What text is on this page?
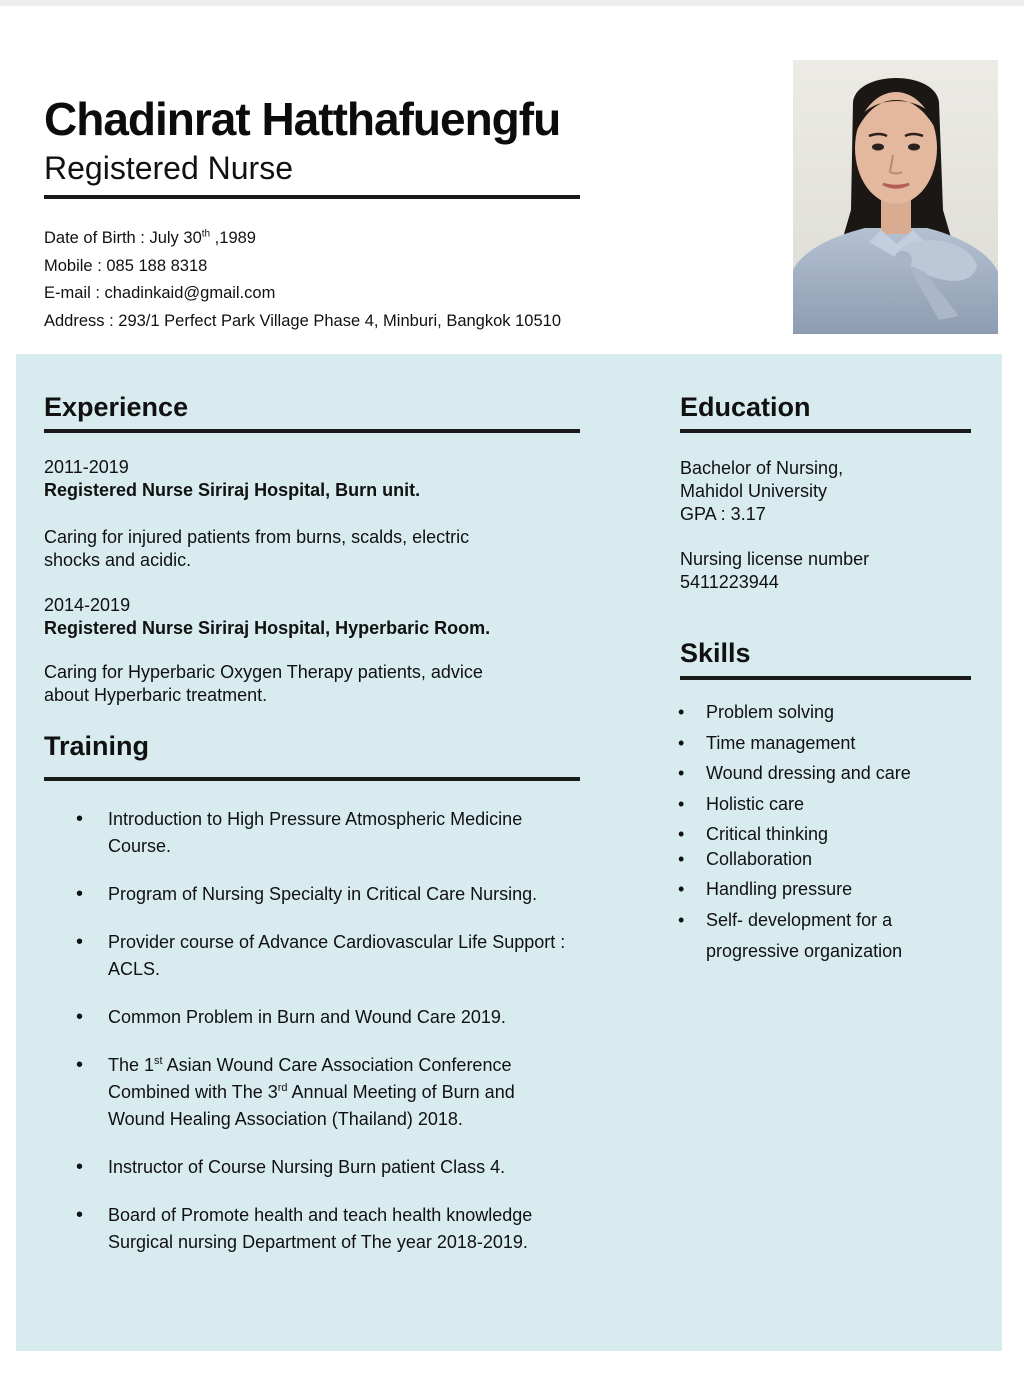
Chadinrat Hatthafuengfu
Registered Nurse
Date of Birth : July 30th ,1989
Mobile : 085 188 8318
E-mail : chadinkaid@gmail.com
Address : 293/1 Perfect Park Village Phase 4, Minburi, Bangkok 10510
Experience

2011-2019

Registered Nurse Siriraj Hospital, Burn unit.

Caring for injured patients from burns, scalds, electric shocks and acidic.

2014-2019

Registered Nurse Siriraj Hospital, Hyperbaric Room.

Caring for Hyperbaric Oxygen Therapy patients, advice about Hyperbaric treatment.

Training
• Introduction to High Pressure Atmospheric Medicine Course.
• Program of Nursing Specialty in Critical Care Nursing.
• Provider course of Advance Cardiovascular Life Support : ACLS.
• Common Problem in Burn and Wound Care 2019.
• The 1st Asian Wound Care Association Conference Combined with The 3rd Annual Meeting of Burn and Wound Healing Association (Thailand) 2018.
• Instructor of Course Nursing Burn patient Class 4.
• Board of Promote health and teach health knowledge Surgical nursing Department of The year 2018-2019.
Education

Bachelor of Nursing,

Mahidol University

GPA : 3.17

Nursing license number

5411223944

Skills
• Problem solving
• Time management
• Wound dressing and care
• Holistic care
• Critical thinking
• Collaboration
• Handling pressure
• Self- development for a progressive organization
